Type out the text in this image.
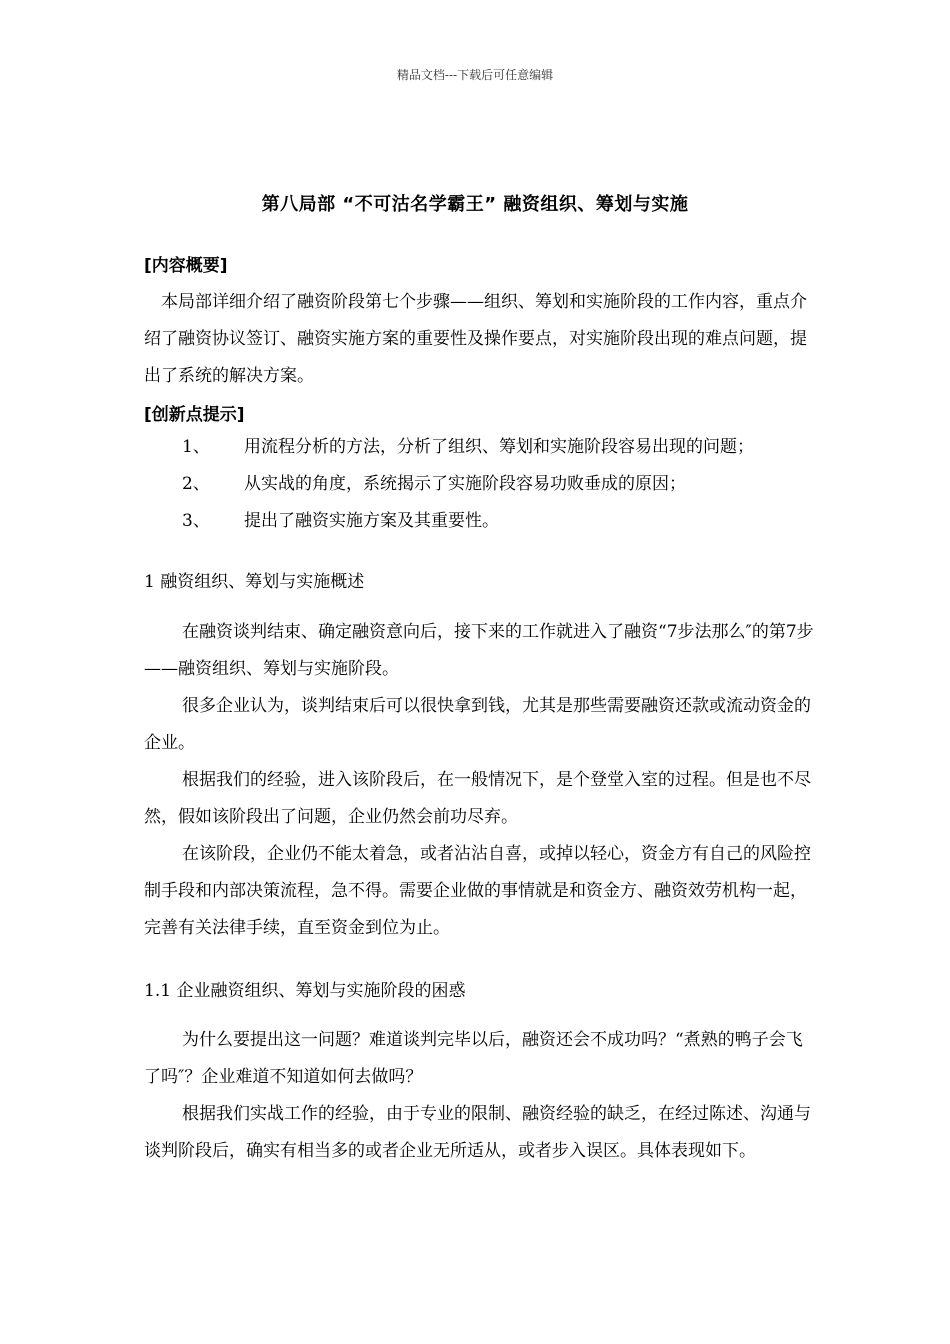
精品文档---下载后可任意编辑
第八局部 “不可沽名学霸王” 融资组织、筹划与实施
[内容概要]

本局部详细介绍了融资阶段第七个步骤——组织、筹划和实施阶段的工作内容，重点介绍了融资协议签订、融资实施方案的重要性及操作要点，对实施阶段出现的难点问题，提出了系统的解决方案。

[创新点提示]
1、 用流程分析的方法，分析了组织、筹划和实施阶段容易出现的问题；
2、 从实战的角度，系统揭示了实施阶段容易功败垂成的原因；
3、 提出了融资实施方案及其重要性。
1 融资组织、筹划与实施概述

在融资谈判结束、确定融资意向后，接下来的工作就进入了融资“7步法那么″的第7步——融资组织、筹划与实施阶段。

很多企业认为，谈判结束后可以很快拿到钱，尤其是那些需要融资还款或流动资金的企业。

根据我们的经验，进入该阶段后，在一般情况下，是个登堂入室的过程。但是也不尽然，假如该阶段出了问题，企业仍然会前功尽弃。

在该阶段，企业仍不能太着急，或者沾沾自喜，或掉以轻心，资金方有自己的风险控制手段和内部决策流程，急不得。需要企业做的事情就是和资金方、融资效劳机构一起，完善有关法律手续，直至资金到位为止。

1.1 企业融资组织、筹划与实施阶段的困惑

为什么要提出这一问题？难道谈判完毕以后，融资还会不成功吗？“煮熟的鸭子会飞了吗″？企业难道不知道如何去做吗？

根据我们实战工作的经验，由于专业的限制、融资经验的缺乏，在经过陈述、沟通与谈判阶段后，确实有相当多的或者企业无所适从，或者步入误区。具体表现如下。
